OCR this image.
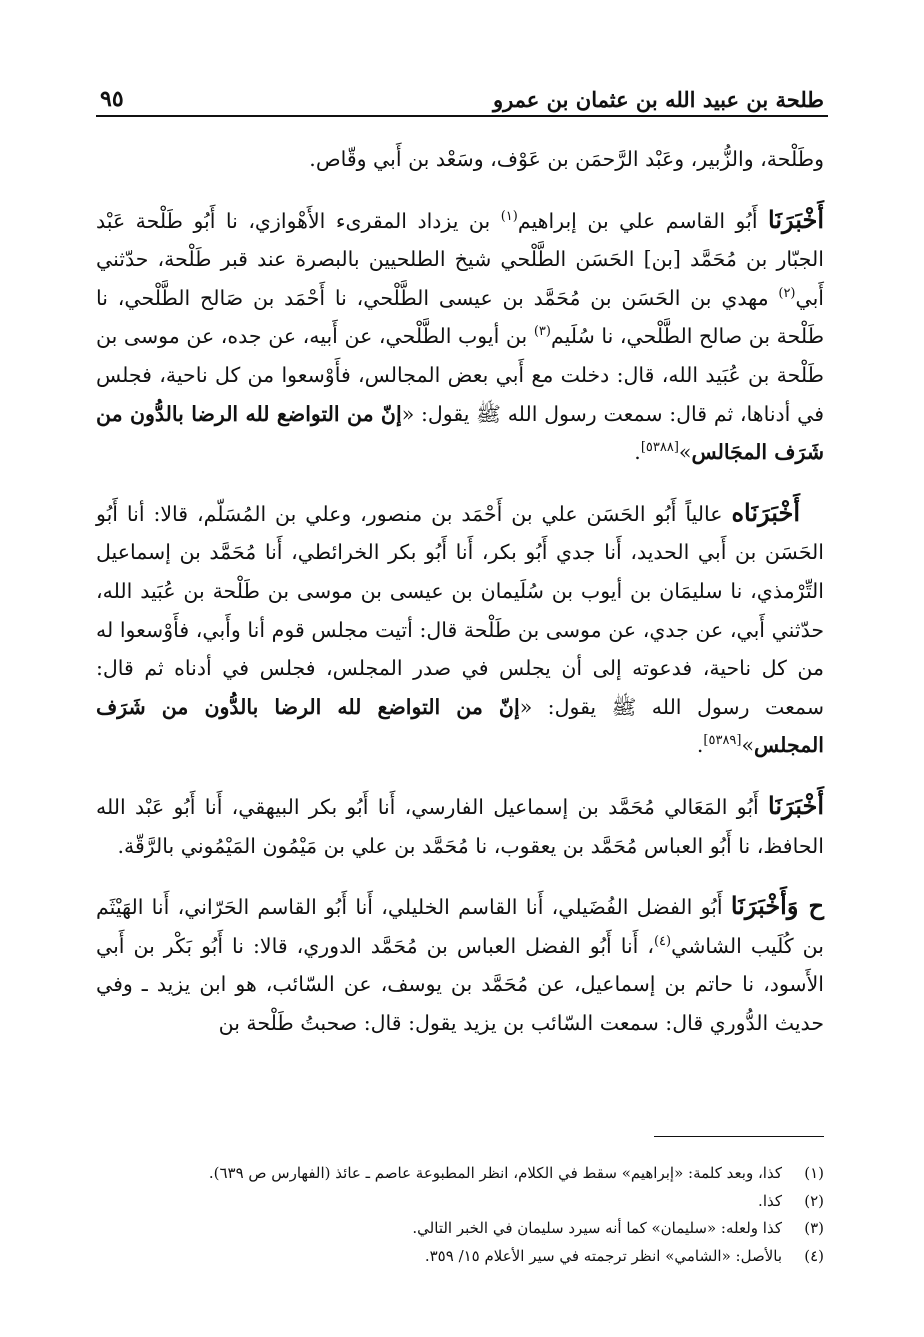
طلحة بن عبيد الله بن عثمان بن عمرو
٩٥

وطَلْحة، والزُّبير، وعَبْد الرَّحمَن بن عَوْف، وسَعْد بن أَبي وقّاص.

أَخْبَرَنَا أَبُو القاسم علي بن إبراهيم$^{(١)}$ بن يزداد المقرىء الأَهْوازي، نا أَبُو طَلْحة عَبْد الجبّار بن مُحَمَّد [بن] الحَسَن الطَّلْحي شيخ الطلحيين بالبصرة عند قبر طَلْحة، حدّثني أَبي$^{(٢)}$ مهدي بن الحَسَن بن مُحَمَّد بن عيسى الطَّلْحي، نا أَحْمَد بن صَالح الطَّلْحي، نا طَلْحة بن صالح الطَّلْحي، نا سُلَيم$^{(٣)}$ بن أيوب الطَّلْحي، عن أَبيه، عن جده، عن موسى بن طَلْحة بن عُبَيد الله، قال: دخلت مع أَبي بعض المجالس، فأَوْسعوا من كل ناحية، فجلس في أدناها، ثم قال: سمعت رسول الله ﷺ يقول: «إنّ من التواضع لله الرضا بالدُّون من شَرَف المجَالس»[٥٣٨٨].

أَخْبَرَنَاه عالياً أَبُو الحَسَن علي بن أَحْمَد بن منصور، وعلي بن المُسَلّم، قالا: أنا أَبُو الحَسَن بن أَبي الحديد، أَنا جدي أَبُو بكر، أَنا أَبُو بكر الخرائطي، أَنا مُحَمَّد بن إسماعيل التِّرْمذي، نا سليمَان بن أيوب بن سُلَيمان بن عيسى بن موسى بن طَلْحة بن عُبَيد الله، حدّثني أَبي، عن جدي، عن موسى بن طَلْحة قال: أتيت مجلس قوم أنا وأَبي، فأَوْسعوا له من كل ناحية، فدعوته إلى أن يجلس في صدر المجلس، فجلس في أدناه ثم قال: سمعت رسول الله ﷺ يقول: «إنّ من التواضع لله الرضا بالدُّون من شَرَف المجلس»[٥٣٨٩].

أَخْبَرَنَا أَبُو المَعَالي مُحَمَّد بن إسماعيل الفارسي، أَنا أَبُو بكر البيهقي، أَنا أَبُو عَبْد الله الحافظ، نا أَبُو العباس مُحَمَّد بن يعقوب، نا مُحَمَّد بن علي بن مَيْمُون المَيْمُوني بالرَّقّة.

ح وَأَخْبَرَنَا أَبُو الفضل الفُضَيلي، أَنا القاسم الخليلي، أَنا أَبُو القاسم الحَرّاني، أَنا الهَيْثَم بن كُلَيب الشاشي$^{(٤)}$، أَنا أَبُو الفضل العباس بن مُحَمَّد الدوري، قالا: نا أَبُو بَكْر بن أَبي الأَسود، نا حاتم بن إسماعيل، عن مُحَمَّد بن يوسف، عن السّائب، هو ابن يزيد ـ وفي حديث الدُّوري قال: سمعت السّائب بن يزيد يقول: قال: صحبتُ طَلْحة بن

(١)
كذا، وبعد كلمة: «إبراهيم» سقط في الكلام، انظر المطبوعة عاصم ـ عائذ (الفهارس ص ٦٣٩).
(٢)
كذا.
(٣)
كذا ولعله: «سليمان» كما أنه سيرد سليمان في الخبر التالي.
(٤)
بالأصل: «الشامي» انظر ترجمته في سير الأعلام ١٥/ ٣٥٩.
